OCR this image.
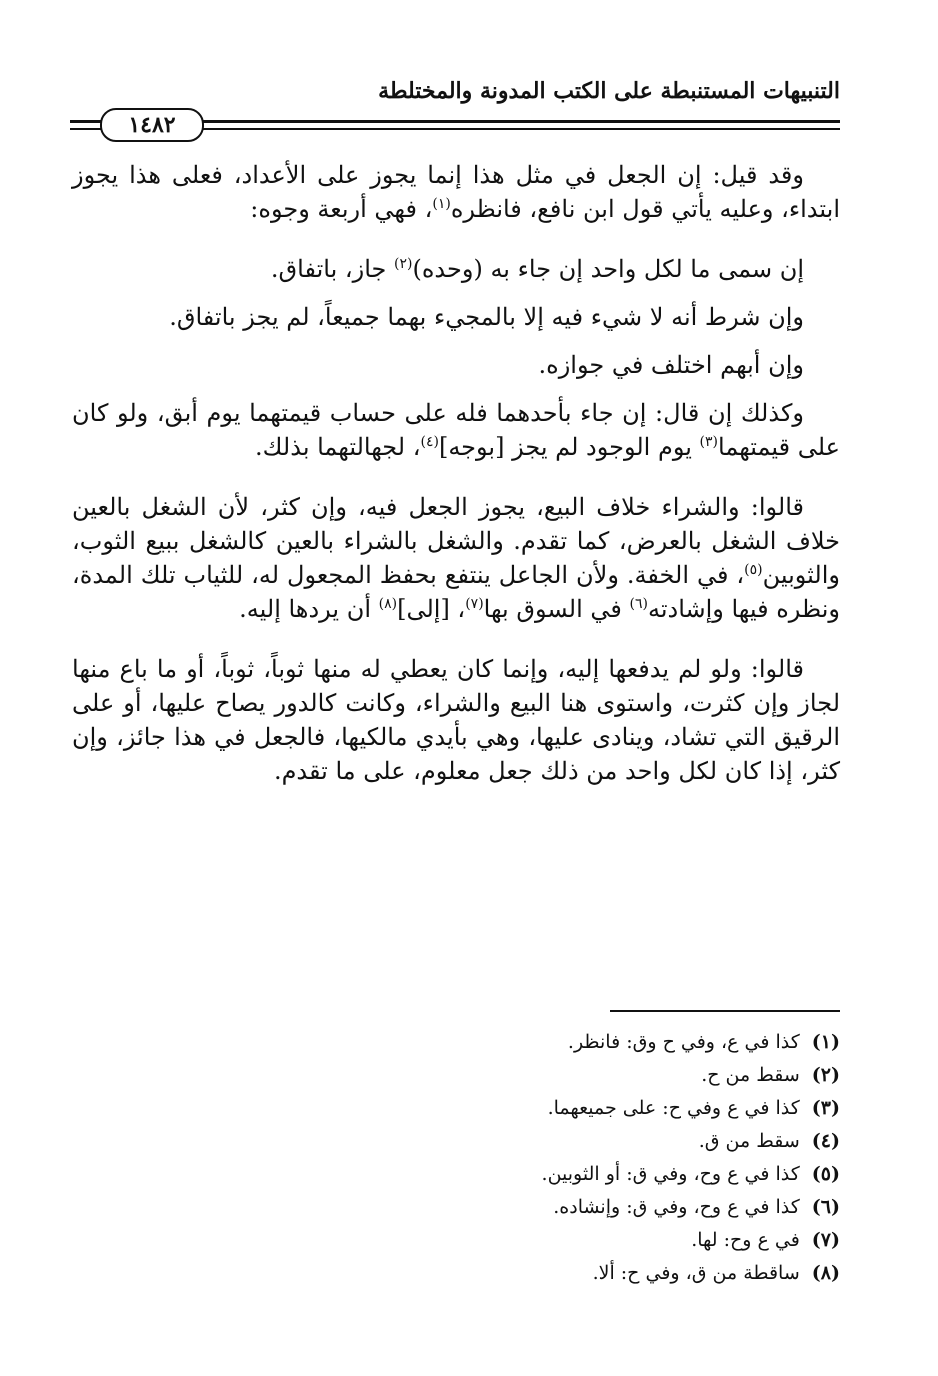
التنبيهات المستنبطة على الكتب المدونة والمختلطة
١٤٨٢

وقد قيل: إن الجعل في مثل هذا إنما يجوز على الأعداد، فعلى هذا يجوز ابتداء، وعليه يأتي قول ابن نافع، فانظره$^{(١)}$، فهي أربعة وجوه:

إن سمى ما لكل واحد إن جاء به (وحده)$^{(٢)}$ جاز، باتفاق.

وإن شرط أنه لا شيء فيه إلا بالمجيء بهما جميعاً، لم يجز باتفاق.

وإن أبهم اختلف في جوازه.

وكذلك إن قال: إن جاء بأحدهما فله على حساب قيمتهما يوم أبق، ولو كان على قيمتهما$^{(٣)}$ يوم الوجود لم يجز [بوجه]$^{(٤)}$، لجهالتهما بذلك.

قالوا: والشراء خلاف البيع، يجوز الجعل فيه، وإن كثر، لأن الشغل بالعين خلاف الشغل بالعرض، كما تقدم. والشغل بالشراء بالعين كالشغل ببيع الثوب، والثوبين$^{(٥)}$، في الخفة. ولأن الجاعل ينتفع بحفظ المجعول له، للثياب تلك المدة، ونظره فيها وإشادته$^{(٦)}$ في السوق بها$^{(٧)}$، [إلى]$^{(٨)}$ أن يردها إليه.

قالوا: ولو لم يدفعها إليه، وإنما كان يعطي له منها ثوباً، ثوباً، أو ما باع منها لجاز وإن كثرت، واستوى هنا البيع والشراء، وكانت كالدور يصاح عليها، أو على الرقيق التي تشاد، وينادى عليها، وهي بأيدي مالكيها، فالجعل في هذا جائز، وإن كثر، إذا كان لكل واحد من ذلك جعل معلوم، على ما تقدم.

(١)كذا في ع، وفي ح وق: فانظر.
(٢)سقط من ح.
(٣)كذا في ع وفي ح: على جميعهما.
(٤)سقط من ق.
(٥)كذا في ع وح، وفي ق: أو الثوبين.
(٦)كذا في ع وح، وفي ق: وإنشاده.
(٧)في ع وح: لها.
(٨)ساقطة من ق، وفي ح: ألا.
